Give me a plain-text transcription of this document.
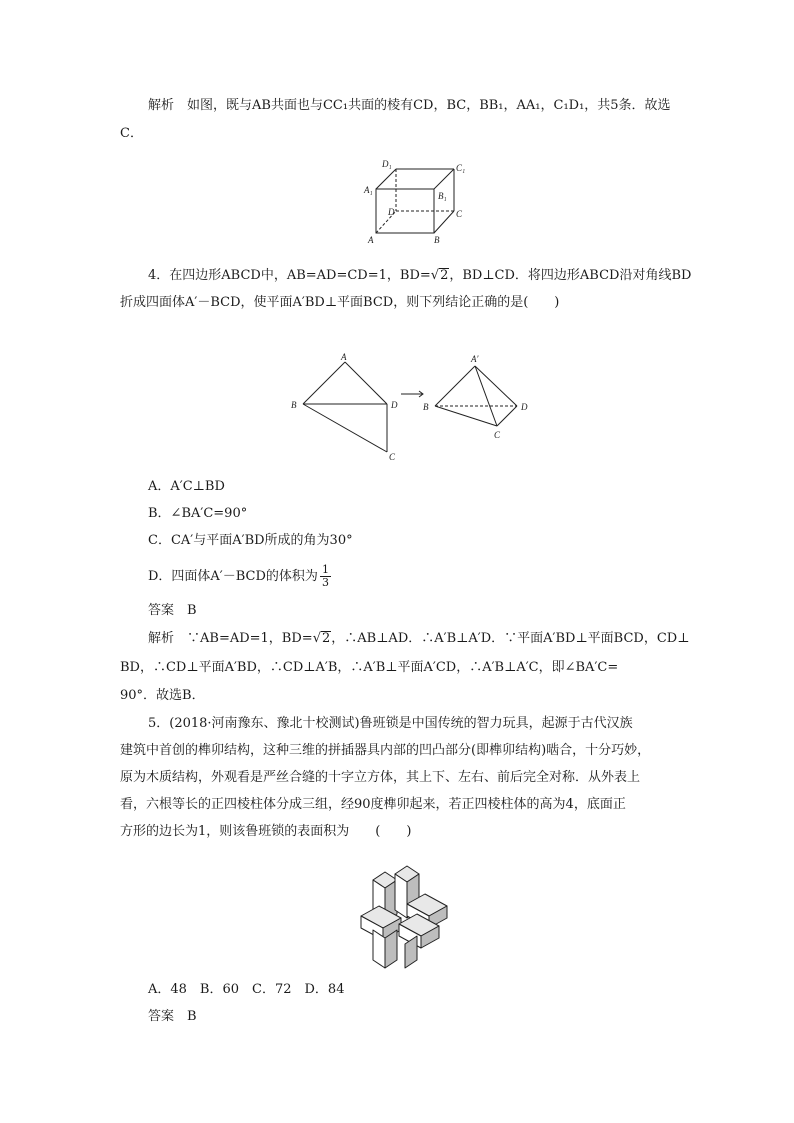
解析　 如图，既与AB共面也与CC₁共面的棱有CD，BC，BB₁，AA₁，C₁D₁，共5条．故选
C．
D₁	C₁
A₁
B₁
D	C
A	B
4．在四边形ABCD中，AB=AD=CD=1，BD=√2，BD⊥CD．将四边形ABCD沿对角线BD
折成四面体A′－BCD，使平面A′BD⊥平面BCD，则下列结论正确的是(　　)
A
B	D
C
A′
B	D
C
A．A′C⊥BD
B．∠BA′C=90°
C．CA′与平面A′BD所成的角为30°
D．四面体A′－BCD的体积为 $\frac{1}{3}$
答案　B
解析　∵AB=AD=1，BD=√2，∴AB⊥AD．∴A′B⊥A′D．∵平面A′BD⊥平面BCD，CD⊥
BD，∴CD⊥平面A′BD，∴CD⊥A′B，∴A′B⊥平面A′CD，∴A′B⊥A′C，即∠BA′C=
90°．故选B．
5．(2018·河南豫东、豫北十校测试)鲁班锁是中国传统的智力玩具，起源于古代汉族
建筑中首创的榫卯结构，这种三维的拼插器具内部的凹凸部分(即榫卯结构)啮合，十分巧妙，
原为木质结构，外观看是严丝合缝的十字立方体，其上下、左右、前后完全对称．从外表上
看，六根等长的正四棱柱体分成三组，经90度榫卯起来，若正四棱柱体的高为4，底面正
方形的边长为1，则该鲁班锁的表面积为　　(　　)
A．48　B．60　C．72　D．84
答案　B
